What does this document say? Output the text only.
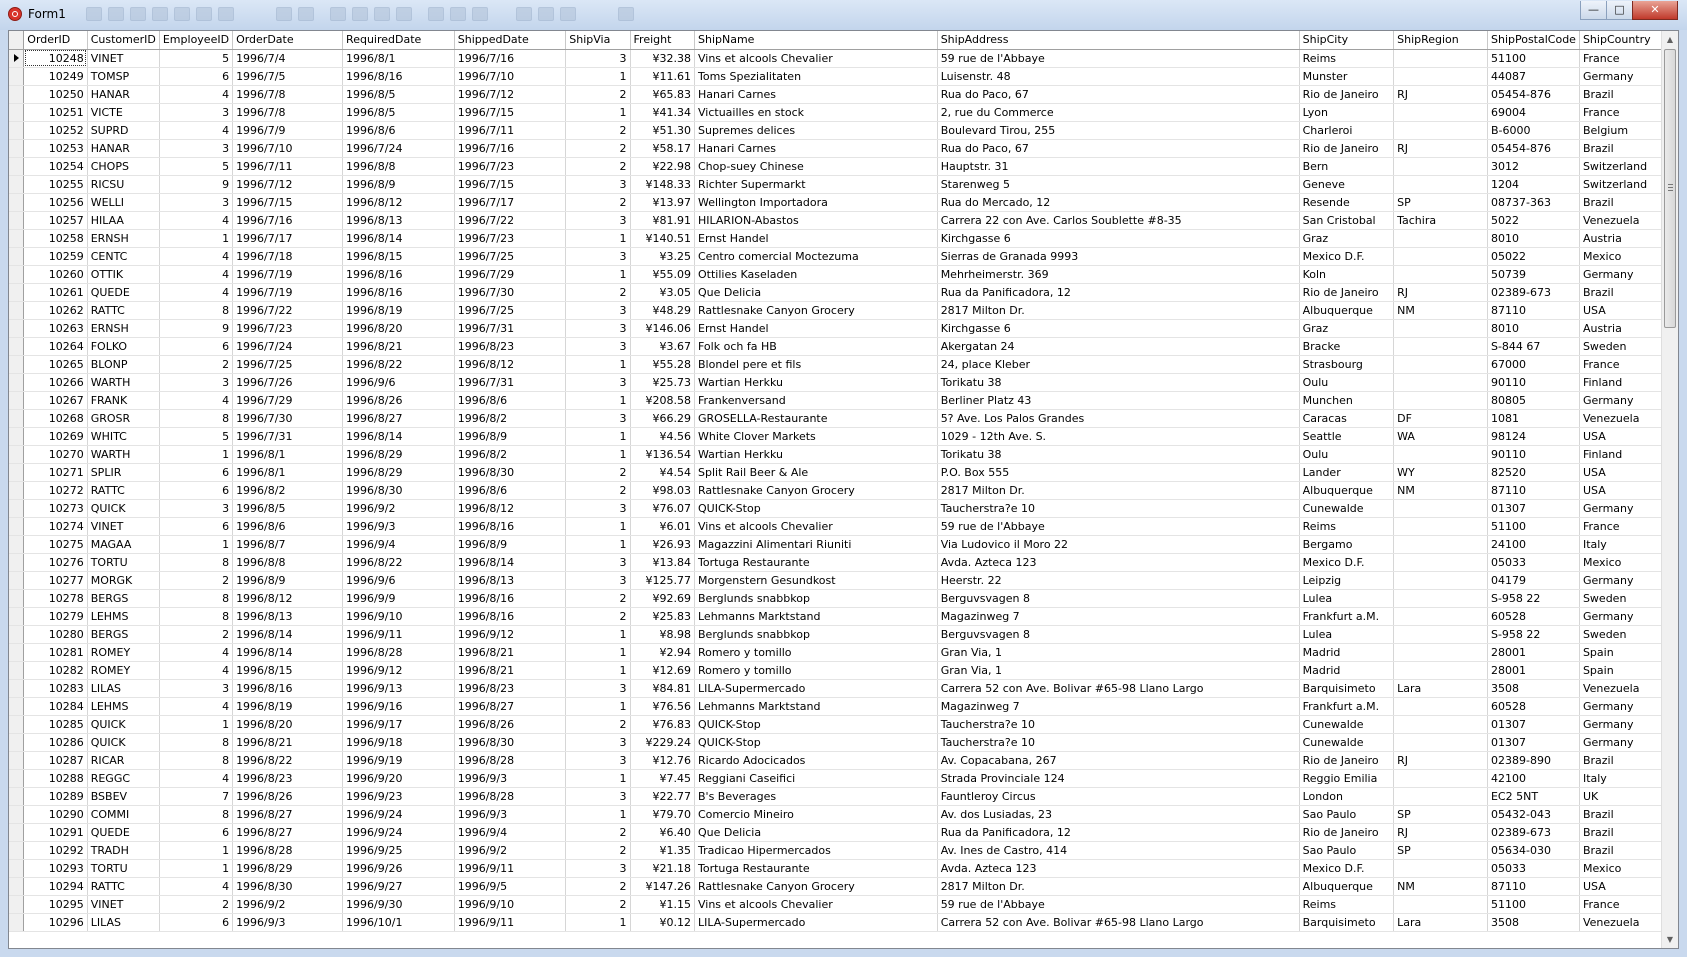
Form1	—	□	✕
	OrderID	CustomerID	EmployeeID	OrderDate	RequiredDate	ShippedDate	ShipVia	Freight	ShipName	ShipAddress	ShipCity	ShipRegion	ShipPostalCode	ShipCountry
	10248	VINET	5	1996/7/4	1996/8/1	1996/7/16	3	¥32.38	Vins et alcools Chevalier	59 rue de l'Abbaye	Reims		51100	France
	10249	TOMSP	6	1996/7/5	1996/8/16	1996/7/10	1	¥11.61	Toms Spezialitaten	Luisenstr. 48	Munster		44087	Germany
	10250	HANAR	4	1996/7/8	1996/8/5	1996/7/12	2	¥65.83	Hanari Carnes	Rua do Paco, 67	Rio de Janeiro	RJ	05454-876	Brazil
	10251	VICTE	3	1996/7/8	1996/8/5	1996/7/15	1	¥41.34	Victuailles en stock	2, rue du Commerce	Lyon		69004	France
	10252	SUPRD	4	1996/7/9	1996/8/6	1996/7/11	2	¥51.30	Supremes delices	Boulevard Tirou, 255	Charleroi		B-6000	Belgium
	10253	HANAR	3	1996/7/10	1996/7/24	1996/7/16	2	¥58.17	Hanari Carnes	Rua do Paco, 67	Rio de Janeiro	RJ	05454-876	Brazil
	10254	CHOPS	5	1996/7/11	1996/8/8	1996/7/23	2	¥22.98	Chop-suey Chinese	Hauptstr. 31	Bern		3012	Switzerland
	10255	RICSU	9	1996/7/12	1996/8/9	1996/7/15	3	¥148.33	Richter Supermarkt	Starenweg 5	Geneve		1204	Switzerland
	10256	WELLI	3	1996/7/15	1996/8/12	1996/7/17	2	¥13.97	Wellington Importadora	Rua do Mercado, 12	Resende	SP	08737-363	Brazil
	10257	HILAA	4	1996/7/16	1996/8/13	1996/7/22	3	¥81.91	HILARION-Abastos	Carrera 22 con Ave. Carlos Soublette #8-35	San Cristobal	Tachira	5022	Venezuela
	10258	ERNSH	1	1996/7/17	1996/8/14	1996/7/23	1	¥140.51	Ernst Handel	Kirchgasse 6	Graz		8010	Austria
	10259	CENTC	4	1996/7/18	1996/8/15	1996/7/25	3	¥3.25	Centro comercial Moctezuma	Sierras de Granada 9993	Mexico D.F.		05022	Mexico
	10260	OTTIK	4	1996/7/19	1996/8/16	1996/7/29	1	¥55.09	Ottilies Kaseladen	Mehrheimerstr. 369	Koln		50739	Germany
	10261	QUEDE	4	1996/7/19	1996/8/16	1996/7/30	2	¥3.05	Que Delicia	Rua da Panificadora, 12	Rio de Janeiro	RJ	02389-673	Brazil
	10262	RATTC	8	1996/7/22	1996/8/19	1996/7/25	3	¥48.29	Rattlesnake Canyon Grocery	2817 Milton Dr.	Albuquerque	NM	87110	USA
	10263	ERNSH	9	1996/7/23	1996/8/20	1996/7/31	3	¥146.06	Ernst Handel	Kirchgasse 6	Graz		8010	Austria
	10264	FOLKO	6	1996/7/24	1996/8/21	1996/8/23	3	¥3.67	Folk och fa HB	Akergatan 24	Bracke		S-844 67	Sweden
	10265	BLONP	2	1996/7/25	1996/8/22	1996/8/12	1	¥55.28	Blondel pere et fils	24, place Kleber	Strasbourg		67000	France
	10266	WARTH	3	1996/7/26	1996/9/6	1996/7/31	3	¥25.73	Wartian Herkku	Torikatu 38	Oulu		90110	Finland
	10267	FRANK	4	1996/7/29	1996/8/26	1996/8/6	1	¥208.58	Frankenversand	Berliner Platz 43	Munchen		80805	Germany
	10268	GROSR	8	1996/7/30	1996/8/27	1996/8/2	3	¥66.29	GROSELLA-Restaurante	5? Ave. Los Palos Grandes	Caracas	DF	1081	Venezuela
	10269	WHITC	5	1996/7/31	1996/8/14	1996/8/9	1	¥4.56	White Clover Markets	1029 - 12th Ave. S.	Seattle	WA	98124	USA
	10270	WARTH	1	1996/8/1	1996/8/29	1996/8/2	1	¥136.54	Wartian Herkku	Torikatu 38	Oulu		90110	Finland
	10271	SPLIR	6	1996/8/1	1996/8/29	1996/8/30	2	¥4.54	Split Rail Beer & Ale	P.O. Box 555	Lander	WY	82520	USA
	10272	RATTC	6	1996/8/2	1996/8/30	1996/8/6	2	¥98.03	Rattlesnake Canyon Grocery	2817 Milton Dr.	Albuquerque	NM	87110	USA
	10273	QUICK	3	1996/8/5	1996/9/2	1996/8/12	3	¥76.07	QUICK-Stop	Taucherstra?e 10	Cunewalde		01307	Germany
	10274	VINET	6	1996/8/6	1996/9/3	1996/8/16	1	¥6.01	Vins et alcools Chevalier	59 rue de l'Abbaye	Reims		51100	France
	10275	MAGAA	1	1996/8/7	1996/9/4	1996/8/9	1	¥26.93	Magazzini Alimentari Riuniti	Via Ludovico il Moro 22	Bergamo		24100	Italy
	10276	TORTU	8	1996/8/8	1996/8/22	1996/8/14	3	¥13.84	Tortuga Restaurante	Avda. Azteca 123	Mexico D.F.		05033	Mexico
	10277	MORGK	2	1996/8/9	1996/9/6	1996/8/13	3	¥125.77	Morgenstern Gesundkost	Heerstr. 22	Leipzig		04179	Germany
	10278	BERGS	8	1996/8/12	1996/9/9	1996/8/16	2	¥92.69	Berglunds snabbkop	Berguvsvagen 8	Lulea		S-958 22	Sweden
	10279	LEHMS	8	1996/8/13	1996/9/10	1996/8/16	2	¥25.83	Lehmanns Marktstand	Magazinweg 7	Frankfurt a.M.		60528	Germany
	10280	BERGS	2	1996/8/14	1996/9/11	1996/9/12	1	¥8.98	Berglunds snabbkop	Berguvsvagen 8	Lulea		S-958 22	Sweden
	10281	ROMEY	4	1996/8/14	1996/8/28	1996/8/21	1	¥2.94	Romero y tomillo	Gran Via, 1	Madrid		28001	Spain
	10282	ROMEY	4	1996/8/15	1996/9/12	1996/8/21	1	¥12.69	Romero y tomillo	Gran Via, 1	Madrid		28001	Spain
	10283	LILAS	3	1996/8/16	1996/9/13	1996/8/23	3	¥84.81	LILA-Supermercado	Carrera 52 con Ave. Bolivar #65-98 Llano Largo	Barquisimeto	Lara	3508	Venezuela
	10284	LEHMS	4	1996/8/19	1996/9/16	1996/8/27	1	¥76.56	Lehmanns Marktstand	Magazinweg 7	Frankfurt a.M.		60528	Germany
	10285	QUICK	1	1996/8/20	1996/9/17	1996/8/26	2	¥76.83	QUICK-Stop	Taucherstra?e 10	Cunewalde		01307	Germany
	10286	QUICK	8	1996/8/21	1996/9/18	1996/8/30	3	¥229.24	QUICK-Stop	Taucherstra?e 10	Cunewalde		01307	Germany
	10287	RICAR	8	1996/8/22	1996/9/19	1996/8/28	3	¥12.76	Ricardo Adocicados	Av. Copacabana, 267	Rio de Janeiro	RJ	02389-890	Brazil
	10288	REGGC	4	1996/8/23	1996/9/20	1996/9/3	1	¥7.45	Reggiani Caseifici	Strada Provinciale 124	Reggio Emilia		42100	Italy
	10289	BSBEV	7	1996/8/26	1996/9/23	1996/8/28	3	¥22.77	B's Beverages	Fauntleroy Circus	London		EC2 5NT	UK
	10290	COMMI	8	1996/8/27	1996/9/24	1996/9/3	1	¥79.70	Comercio Mineiro	Av. dos Lusiadas, 23	Sao Paulo	SP	05432-043	Brazil
	10291	QUEDE	6	1996/8/27	1996/9/24	1996/9/4	2	¥6.40	Que Delicia	Rua da Panificadora, 12	Rio de Janeiro	RJ	02389-673	Brazil
	10292	TRADH	1	1996/8/28	1996/9/25	1996/9/2	2	¥1.35	Tradicao Hipermercados	Av. Ines de Castro, 414	Sao Paulo	SP	05634-030	Brazil
	10293	TORTU	1	1996/8/29	1996/9/26	1996/9/11	3	¥21.18	Tortuga Restaurante	Avda. Azteca 123	Mexico D.F.		05033	Mexico
	10294	RATTC	4	1996/8/30	1996/9/27	1996/9/5	2	¥147.26	Rattlesnake Canyon Grocery	2817 Milton Dr.	Albuquerque	NM	87110	USA
	10295	VINET	2	1996/9/2	1996/9/30	1996/9/10	2	¥1.15	Vins et alcools Chevalier	59 rue de l'Abbaye	Reims		51100	France
	10296	LILAS	6	1996/9/3	1996/10/1	1996/9/11	1	¥0.12	LILA-Supermercado	Carrera 52 con Ave. Bolivar #65-98 Llano Largo	Barquisimeto	Lara	3508	Venezuela
▲
▼
